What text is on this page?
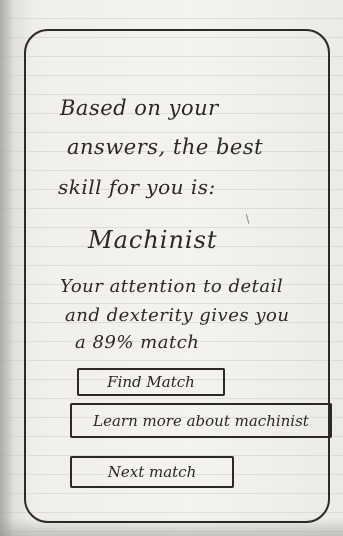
Based on your
answers, the best
skill for you is:
Machinist
Your attention to detail
and dexterity gives you
a 89% match
Find Match
Learn more about machinist
Next match
